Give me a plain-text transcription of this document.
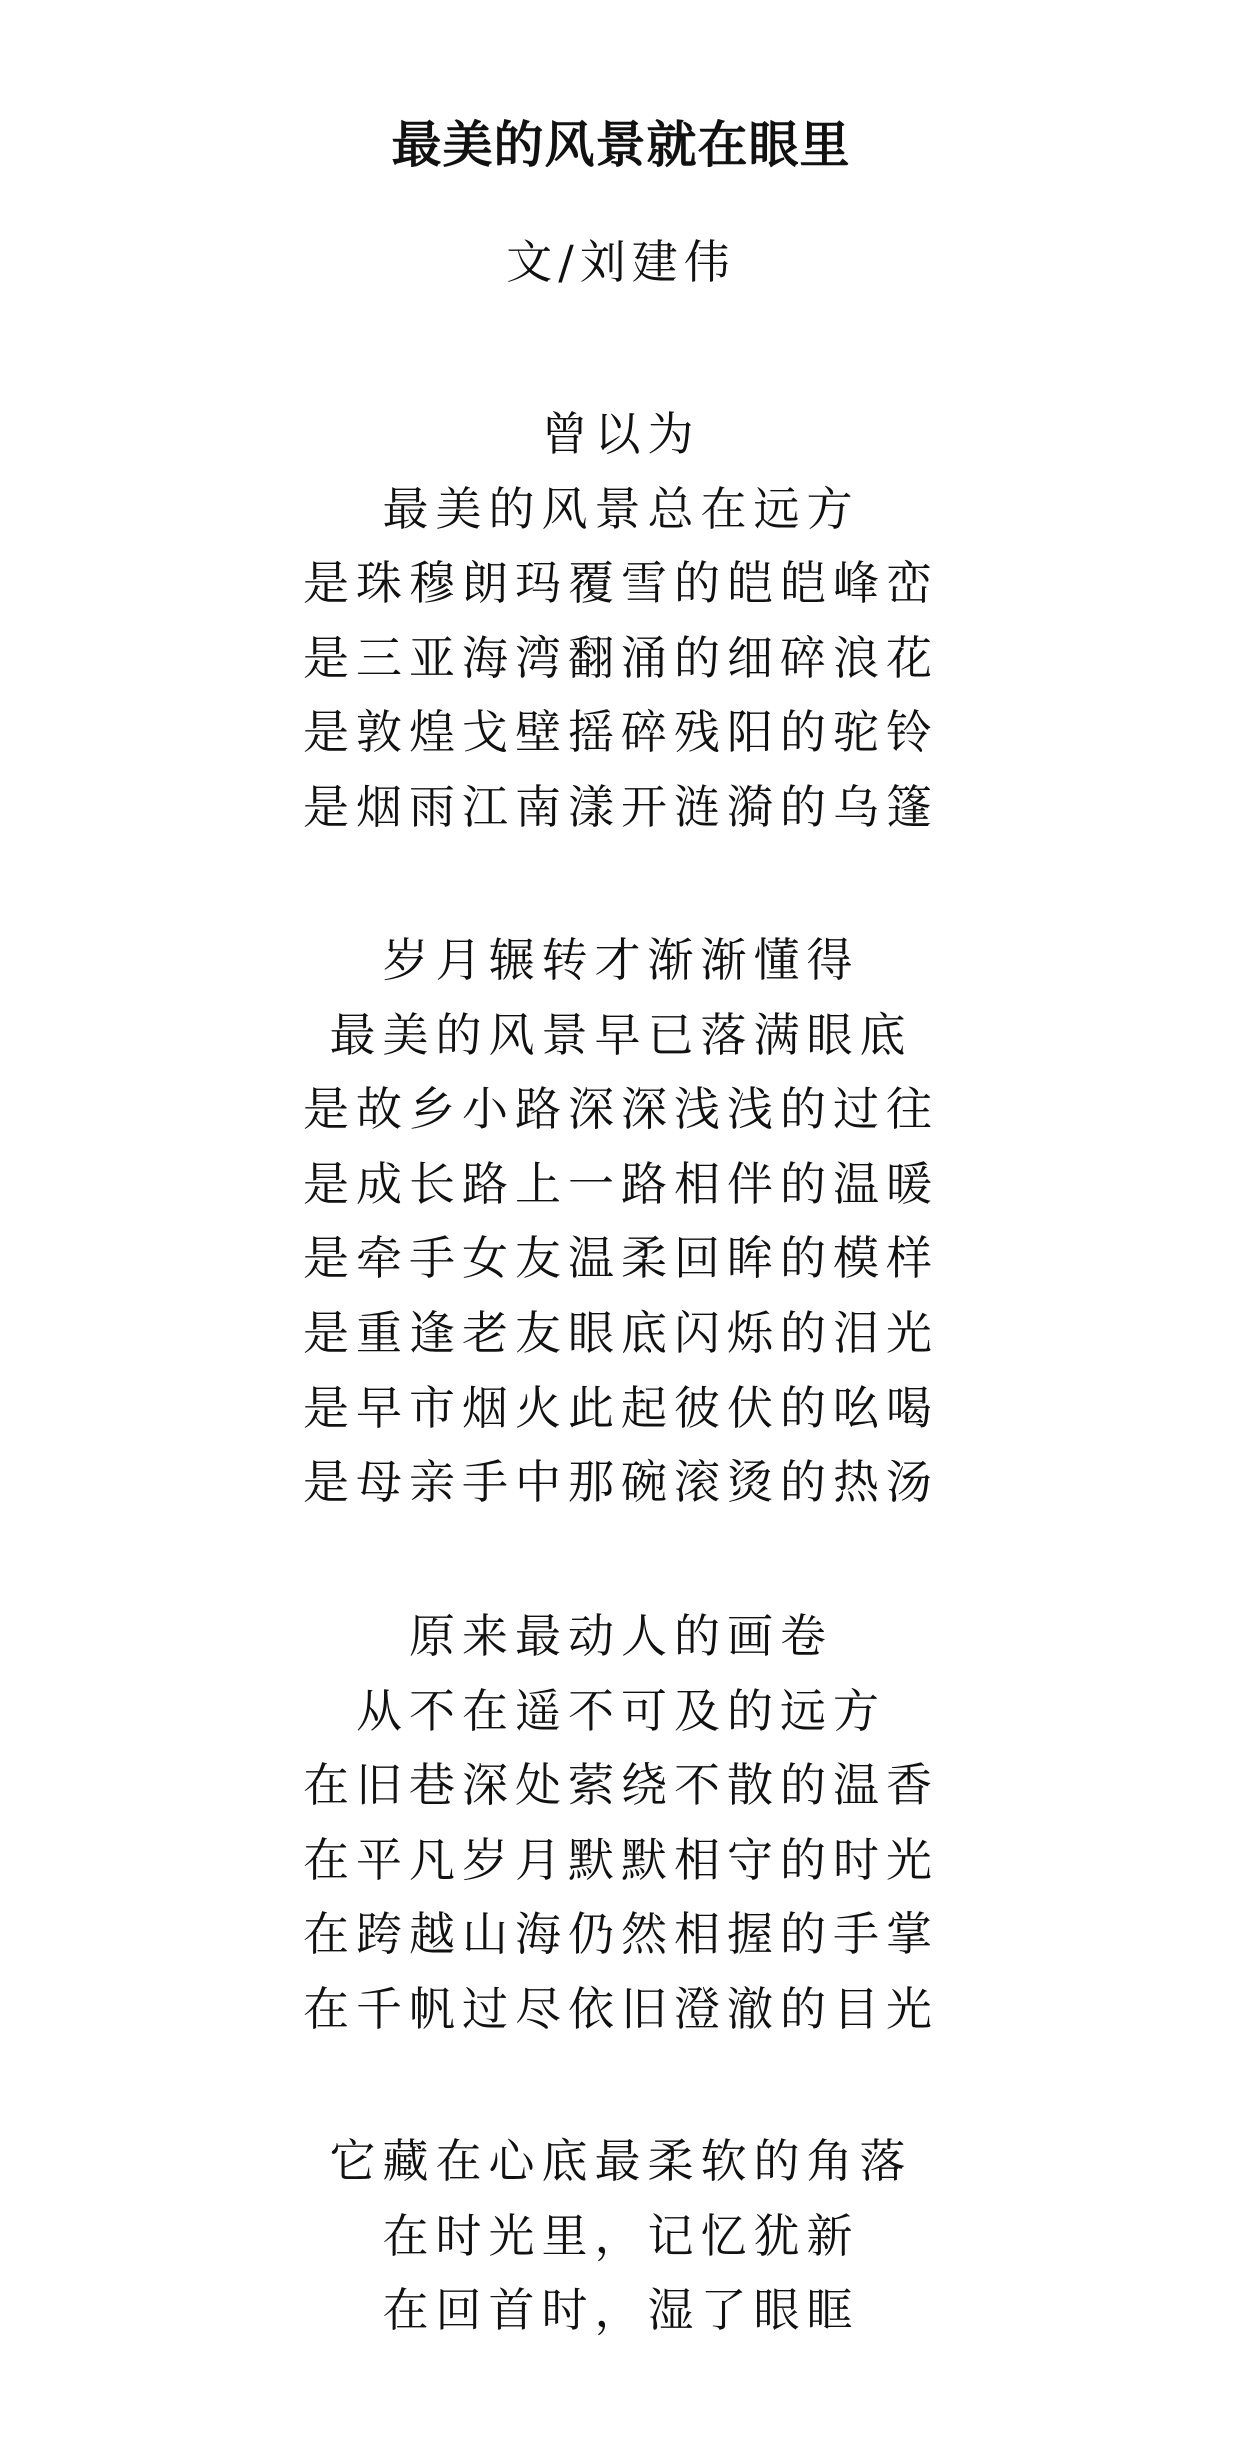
最美的风景就在眼里
文/刘建伟
曾以为
最美的风景总在远方
是珠穆朗玛覆雪的皑皑峰峦
是三亚海湾翻涌的细碎浪花
是敦煌戈壁摇碎残阳的驼铃
是烟雨江南漾开涟漪的乌篷
岁月辗转才渐渐懂得
最美的风景早已落满眼底
是故乡小路深深浅浅的过往
是成长路上一路相伴的温暖
是牵手女友温柔回眸的模样
是重逢老友眼底闪烁的泪光
是早市烟火此起彼伏的吆喝
是母亲手中那碗滚烫的热汤
原来最动人的画卷
从不在遥不可及的远方
在旧巷深处萦绕不散的温香
在平凡岁月默默相守的时光
在跨越山海仍然相握的手掌
在千帆过尽依旧澄澈的目光
它藏在心底最柔软的角落
在时光里，记忆犹新
在回首时，湿了眼眶
